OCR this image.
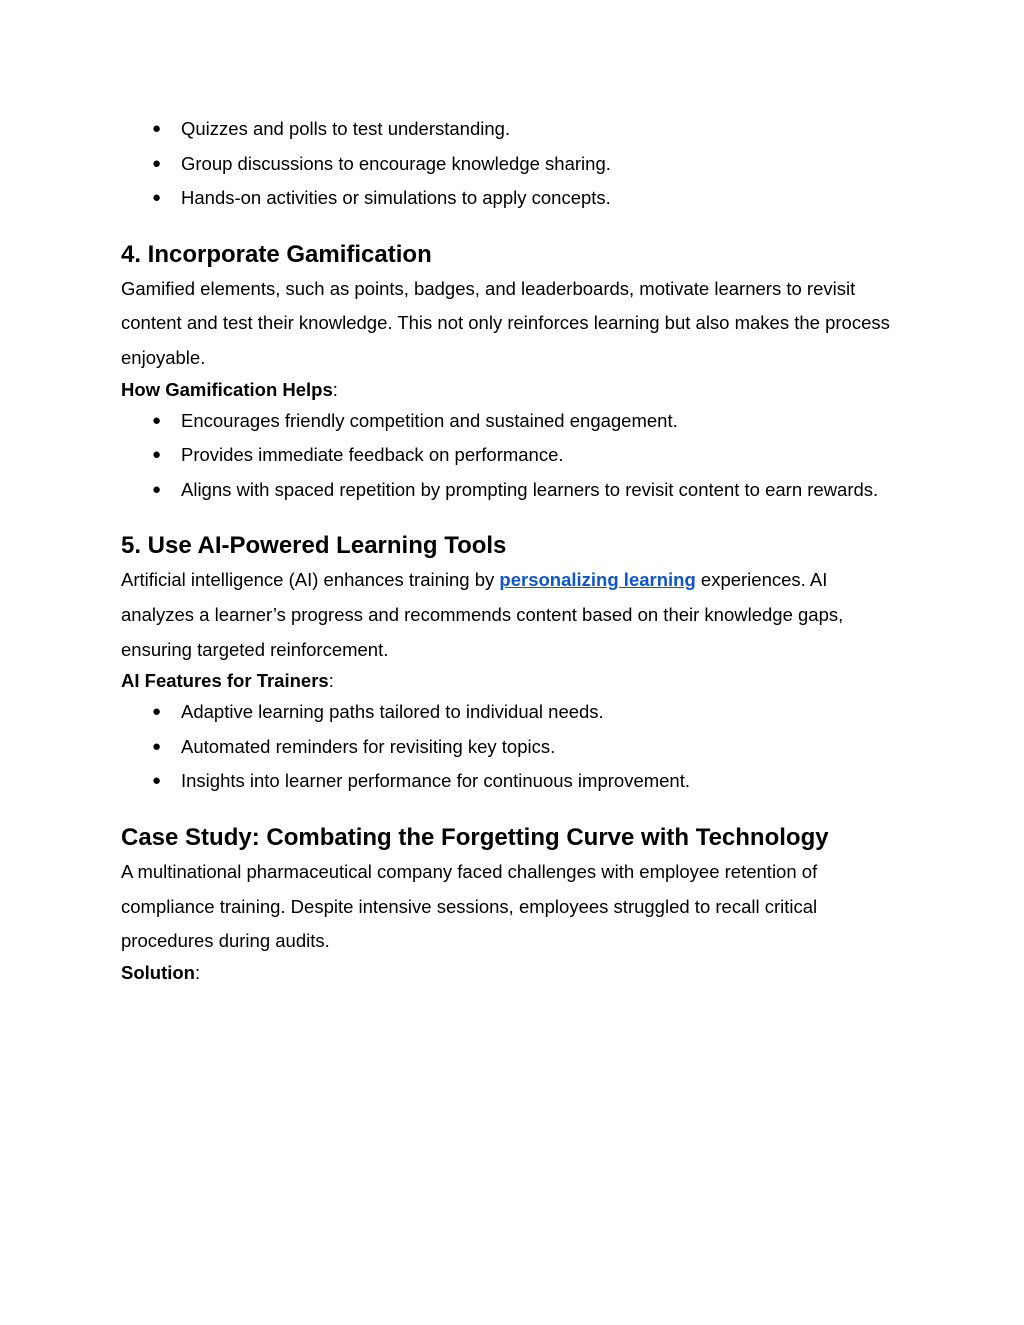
● Quizzes and polls to test understanding.
● Group discussions to encourage knowledge sharing.
● Hands-on activities or simulations to apply concepts.
4. Incorporate Gamification

Gamified elements, such as points, badges, and leaderboards, motivate learners to revisit content and test their knowledge. This not only reinforces learning but also makes the process enjoyable.

How Gamification Helps:

● Encourages friendly competition and sustained engagement.
● Provides immediate feedback on performance.
● Aligns with spaced repetition by prompting learners to revisit content to earn rewards.
5. Use AI-Powered Learning Tools

Artificial intelligence (AI) enhances training by personalizing learning experiences. AI analyzes a learner’s progress and recommends content based on their knowledge gaps, ensuring targeted reinforcement.

AI Features for Trainers:

● Adaptive learning paths tailored to individual needs.
● Automated reminders for revisiting key topics.
● Insights into learner performance for continuous improvement.
Case Study: Combating the Forgetting Curve with Technology

A multinational pharmaceutical company faced challenges with employee retention of compliance training. Despite intensive sessions, employees struggled to recall critical procedures during audits.

Solution:
